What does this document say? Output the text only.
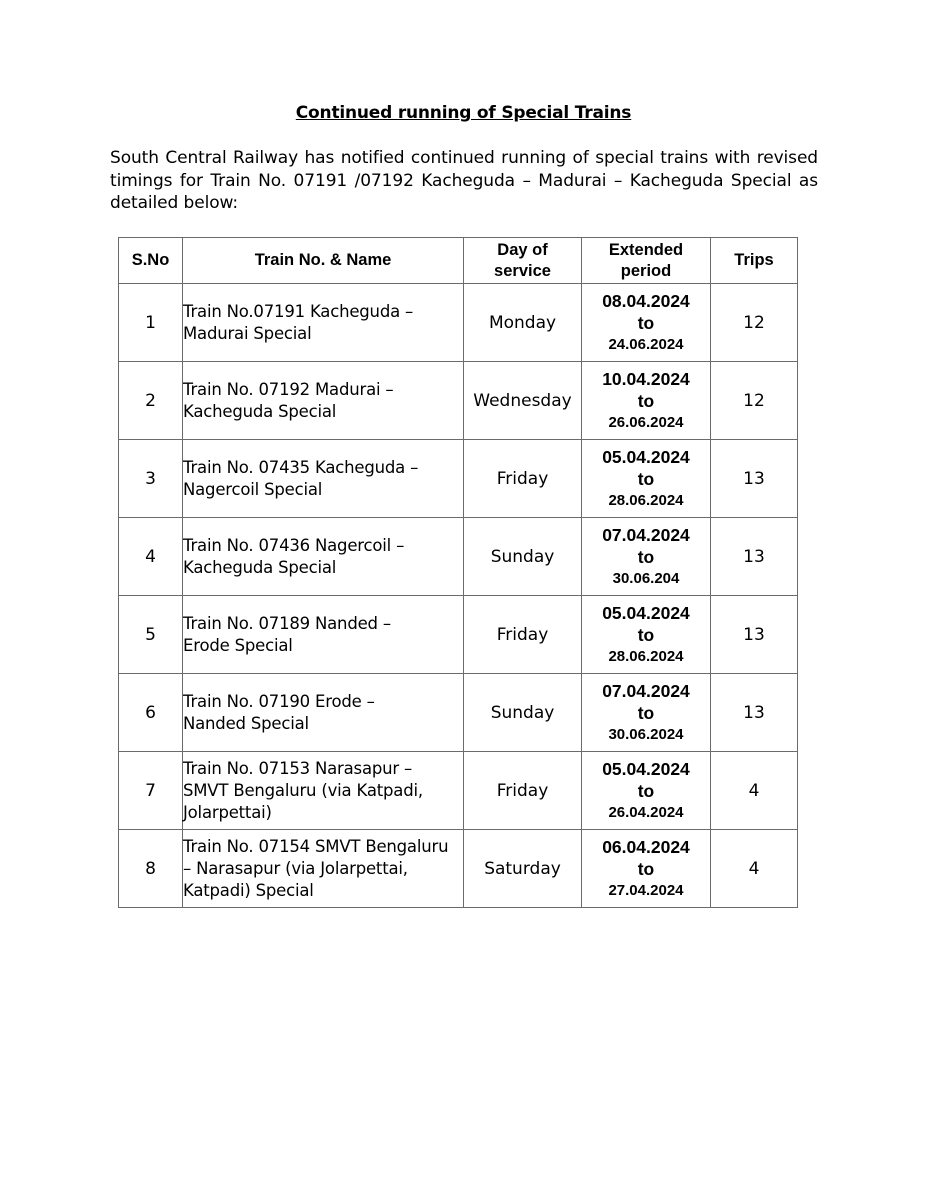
Continued running of Special Trains
South Central Railway has notified continued running of special trains with revised timings for Train No. 07191 /07192 Kacheguda – Madurai – Kacheguda Special as detailed below:
S.No	Train No. & Name	Day of
service	Extended
period	Trips
1	Train No.07191 Kacheguda –
Madurai Special	Monday	08.04.2024
to
24.06.2024	12
2	Train No. 07192 Madurai –
Kacheguda Special	Wednesday	10.04.2024
to
26.06.2024	12
3	Train No. 07435 Kacheguda –
Nagercoil Special	Friday	05.04.2024
to
28.06.2024	13
4	Train No. 07436 Nagercoil –
Kacheguda Special	Sunday	07.04.2024
to
30.06.204	13
5	Train No. 07189 Nanded –
Erode Special	Friday	05.04.2024
to
28.06.2024	13
6	Train No. 07190 Erode –
Nanded Special	Sunday	07.04.2024
to
30.06.2024	13
7	Train No. 07153 Narasapur –
SMVT Bengaluru (via Katpadi,
Jolarpettai)	Friday	05.04.2024
to
26.04.2024	4
8	Train No. 07154 SMVT Bengaluru
– Narasapur (via Jolarpettai,
Katpadi) Special	Saturday	06.04.2024
to
27.04.2024	4
